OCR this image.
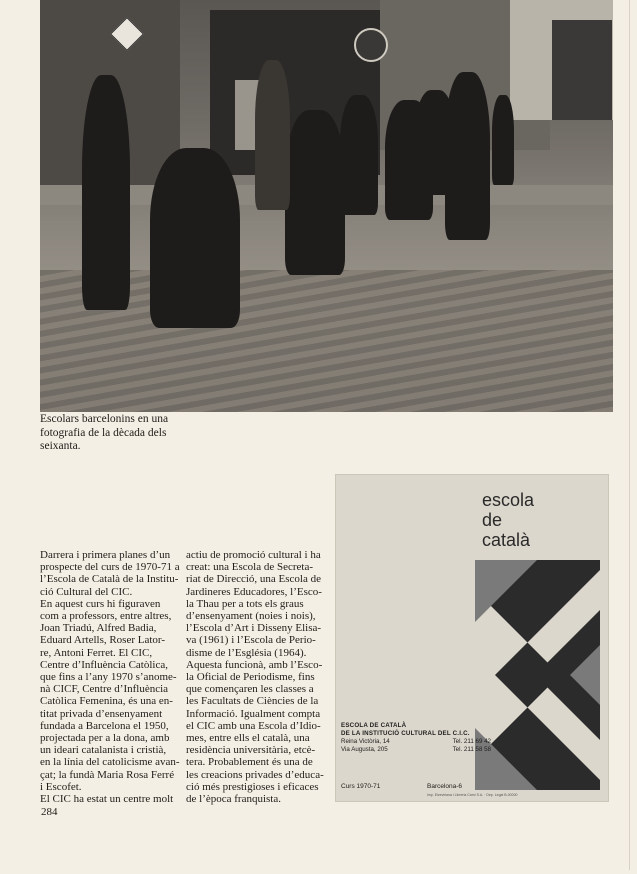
Escolars barcelonins en una
fotografia de la dècada dels
seixanta.

Darrera i primera planes d’un

prospecte del curs de 1970-71 a

l’Escola de Català de la Institu-

ció Cultural del CIC.

En aquest curs hi figuraven

com a professors, entre altres,

Joan Triadú, Alfred Badia,

Eduard Artells, Roser Lator-

re, Antoni Ferret. El CIC,

Centre d’Influència Catòlica,

que fins a l’any 1970 s’anome-

nà CICF, Centre d’Influència

Catòlica Femenina, és una en-

titat privada d’ensenyament

fundada a Barcelona el 1950,

projectada per a la dona, amb

un ideari catalanista i cristià,

en la línia del catolicisme avan-

çat; la fundà Maria Rosa Ferré

i Escofet.

El CIC ha estat un centre molt

actiu de promoció cultural i ha

creat: una Escola de Secreta-

riat de Direcció, una Escola de

Jardineres Educadores, l’Esco-

la Thau per a tots els graus

d’ensenyament (noies i nois),

l’Escola d’Art i Disseny Elisa-

va (1961) i l’Escola de Perio-

disme de l’Església (1964).

Aquesta funcionà, amb l’Esco-

la Oficial de Periodisme, fins

que començaren les classes a

les Facultats de Ciències de la

Informació. Igualment compta

el CIC amb una Escola d’Idio-

mes, entre ells el català, una

residència universitària, etcè-

tera. Probablement és una de

les creacions privades d’educa-

ció més prestigioses i eficaces

de l’època franquista.

284
escola
de
català
ESCOLA DE CATALÀ
DE LA INSTITUCIÓ CULTURAL DEL C.I.C.
Reina Victòria, 14	Tel. 211 69 42
Via Augusta, 205	Tel. 211 58 58
Curs 1970-71	Barcelona-6
Imp. Elzeviriana i Libreria Camí S.A. · Dep. Legal B-00000
